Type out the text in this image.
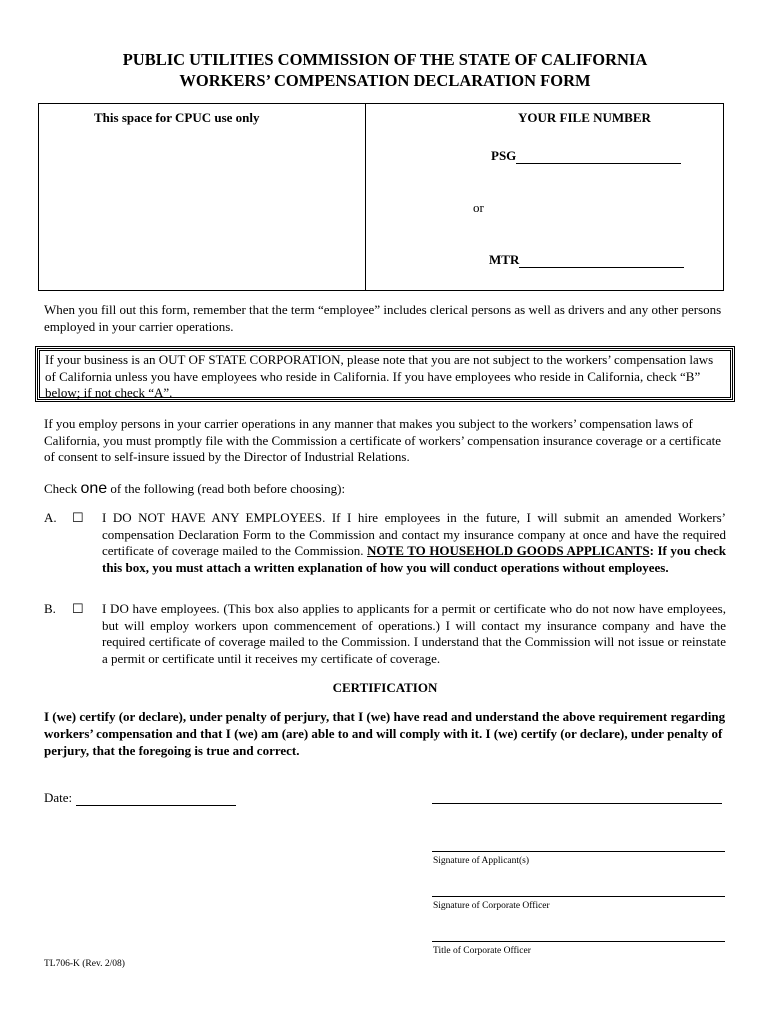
PUBLIC UTILITIES COMMISSION OF THE STATE OF CALIFORNIA
WORKERS’ COMPENSATION DECLARATION FORM
This space for CPUC use only	YOUR FILE NUMBER
PSG
or
MTR
When you fill out this form, remember that the term “employee” includes clerical persons as well as drivers and any other persons employed in your carrier operations.
If your business is an OUT OF STATE CORPORATION, please note that you are not subject to the workers’ compensation laws of California unless you have employees who reside in California. If you have employees who reside in California, check “B” below; if not check “A”.
If you employ persons in your carrier operations in any manner that makes you subject to the workers’ compensation laws of California, you must promptly file with the Commission a certificate of workers’ compensation insurance coverage or a certificate of consent to self-insure issued by the Director of Industrial Relations.
Check one of the following (read both before choosing):
A. ☐ I DO NOT HAVE ANY EMPLOYEES. If I hire employees in the future, I will submit an amended Workers’ compensation Declaration Form to the Commission and contact my insurance company at once and have the required certificate of coverage mailed to the Commission. NOTE TO HOUSEHOLD GOODS APPLICANTS: If you check this box, you must attach a written explanation of how you will conduct operations without employees.
B. ☐ I DO have employees. (This box also applies to applicants for a permit or certificate who do not now have employees, but will employ workers upon commencement of operations.) I will contact my insurance company and have the required certificate of coverage mailed to the Commission. I understand that the Commission will not issue or reinstate a permit or certificate until it receives my certificate of coverage.
CERTIFICATION
I (we) certify (or declare), under penalty of perjury, that I (we) have read and understand the above requirement regarding workers’ compensation and that I (we) am (are) able to and will comply with it. I (we) certify (or declare), under penalty of perjury, that the foregoing is true and correct.
Date:
Signature of Applicant(s)
Signature of Corporate Officer
Title of Corporate Officer
TL706-K (Rev. 2/08)
